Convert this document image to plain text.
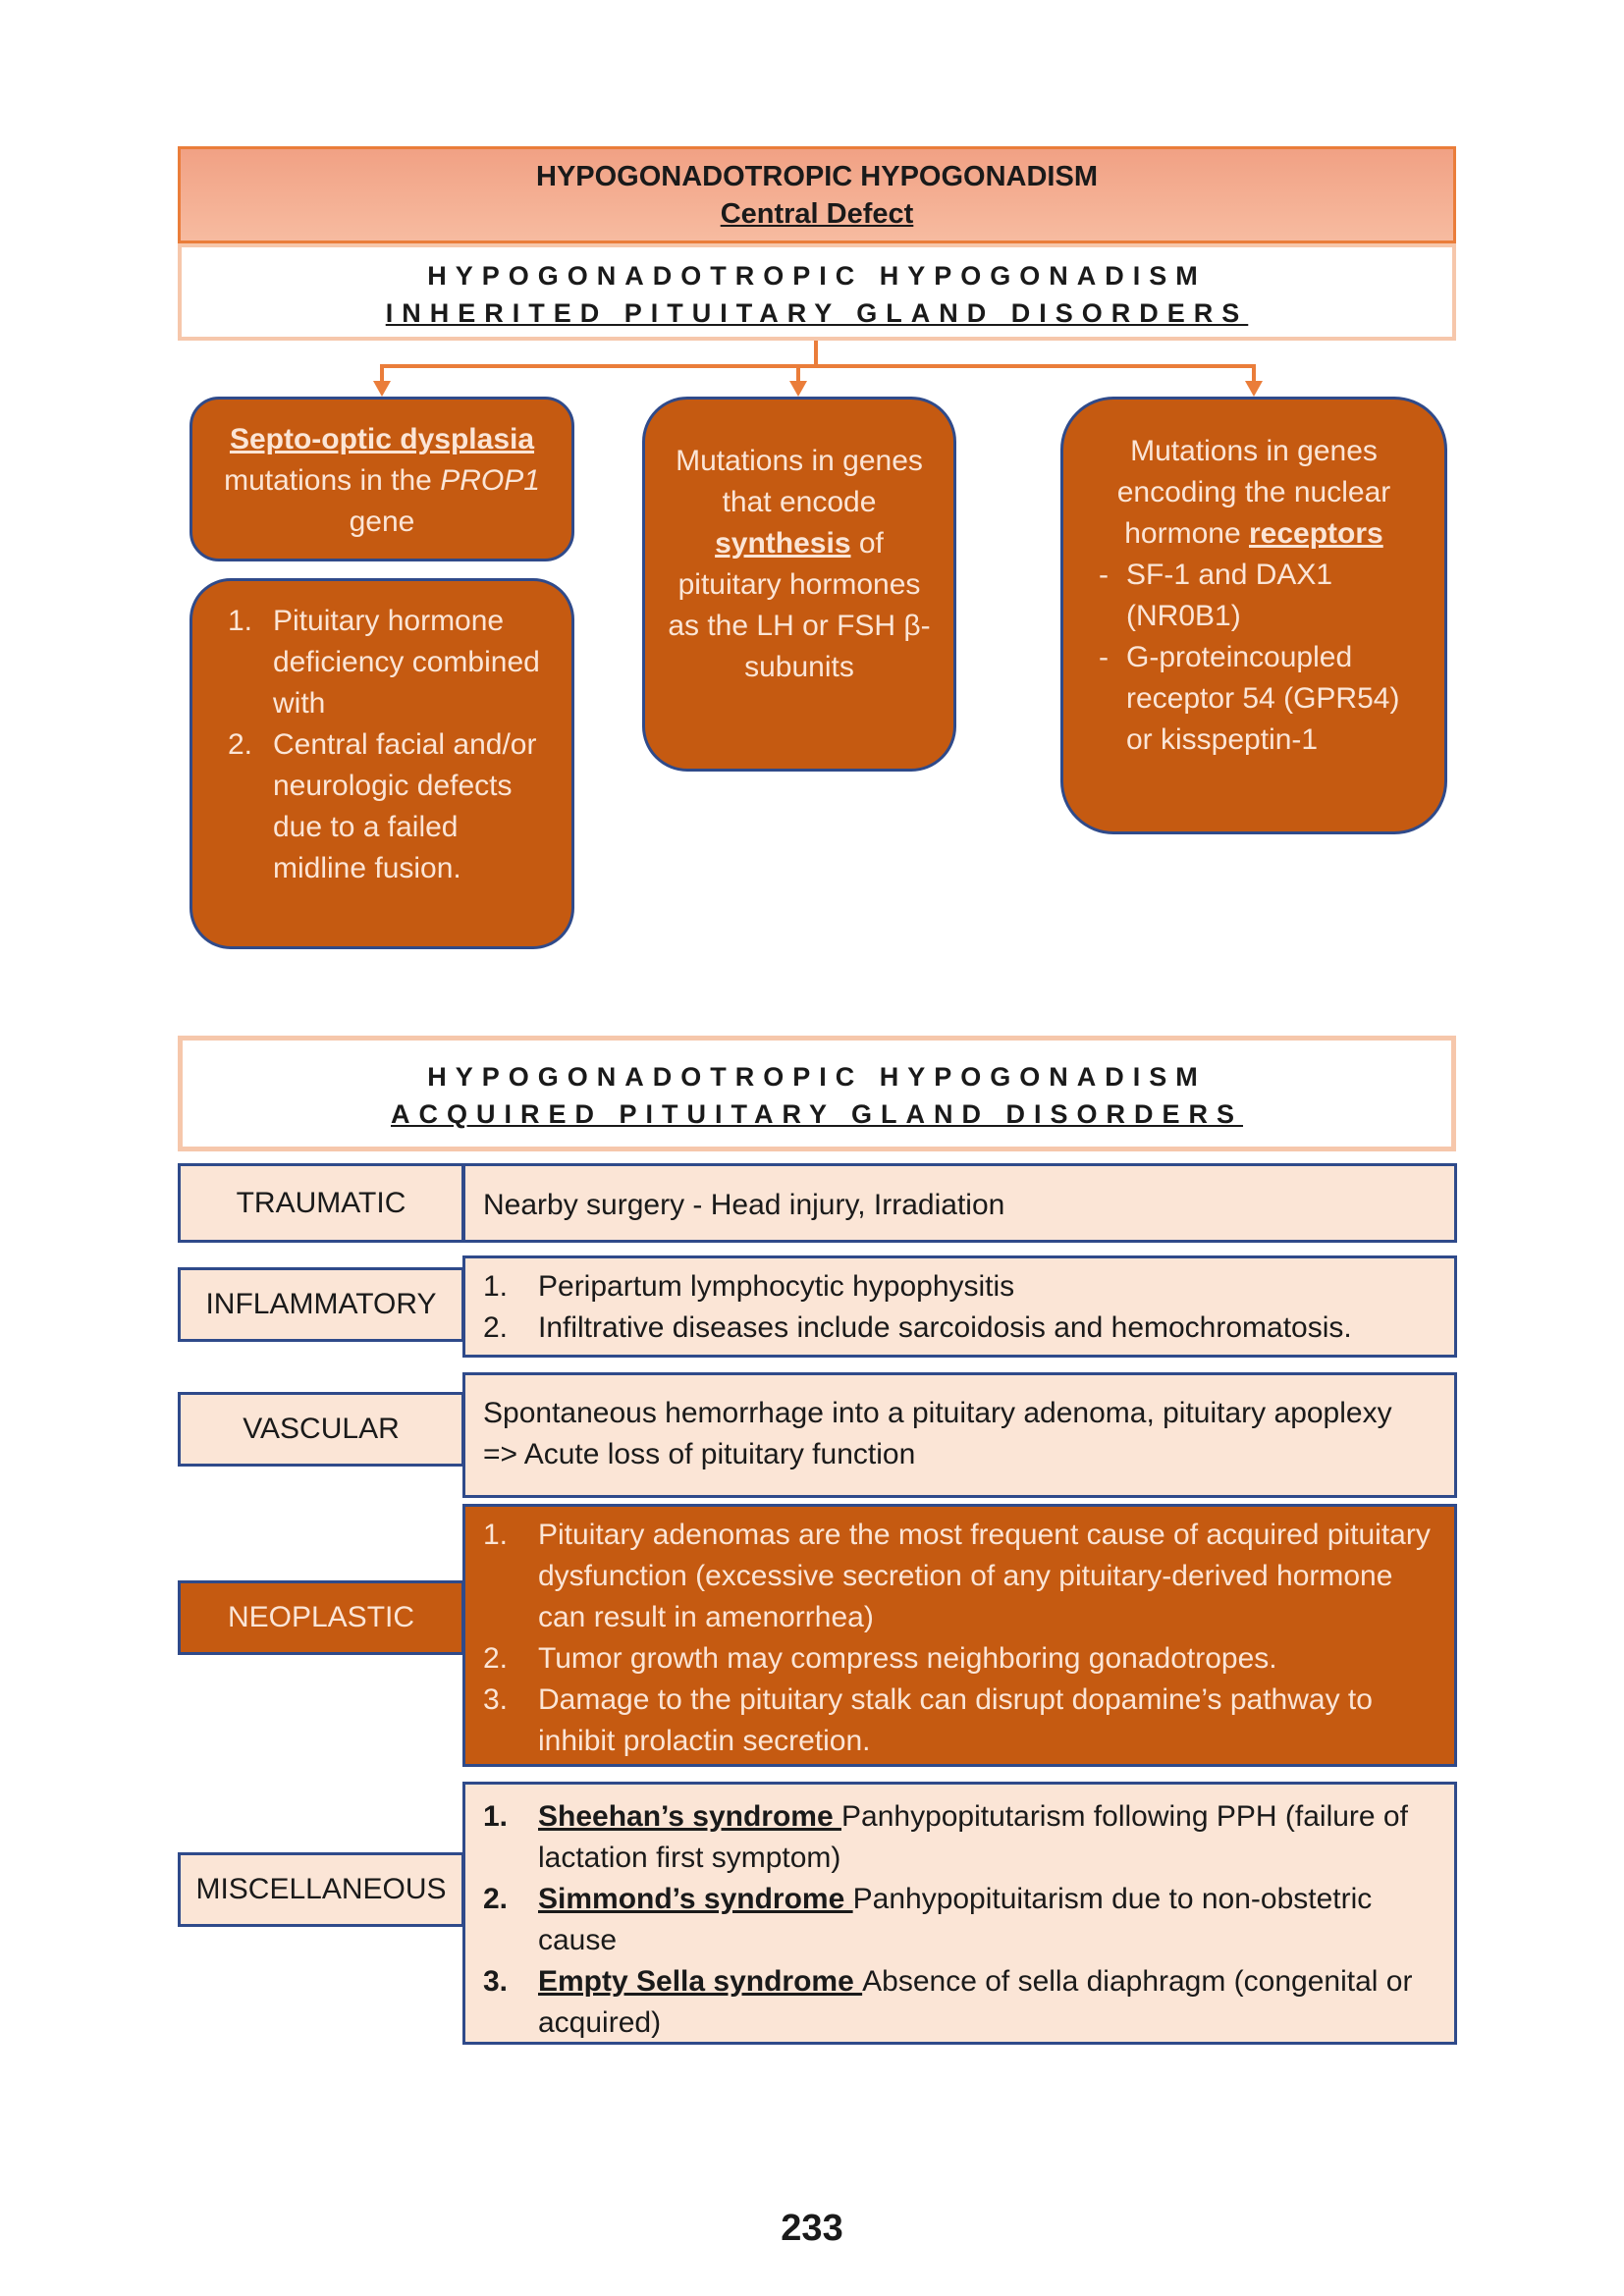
HYPOGONADOTROPIC HYPOGONADISM
Central Defect
HYPOGONADOTROPIC HYPOGONADISM
INHERITED PITUITARY GLAND DISORDERS
Septo-optic dysplasia
mutations in the PROP1 gene
1. Pituitary hormone deficiency combined with
2. Central facial and/or neurologic defects due to a failed midline fusion.
Mutations in genes that encode synthesis of pituitary hormones as the LH or FSH β-subunits
Mutations in genes encoding the nuclear hormone receptors
- SF-1 and DAX1 (NR0B1)
- G-proteincoupled receptor 54 (GPR54) or kisspeptin-1
HYPOGONADOTROPIC HYPOGONADISM
ACQUIRED PITUITARY GLAND DISORDERS
TRAUMATIC	Nearby surgery - Head injury, Irradiation
INFLAMMATORY
1. Peripartum lymphocytic hypophysitis
2. Infiltrative diseases include sarcoidosis and hemochromatosis.
VASCULAR	Spontaneous hemorrhage into a pituitary adenoma, pituitary apoplexy
=> Acute loss of pituitary function
NEOPLASTIC
1. Pituitary adenomas are the most frequent cause of acquired pituitary dysfunction (excessive secretion of any pituitary-derived hormone can result in amenorrhea)
2. Tumor growth may compress neighboring gonadotropes.
3. Damage to the pituitary stalk can disrupt dopamine’s pathway to inhibit prolactin secretion.
MISCELLANEOUS
1. Sheehan’s syndrome Panhypopitutarism following PPH (failure of lactation first symptom)
2. Simmond’s syndrome Panhypopituitarism due to non-obstetric cause
3. Empty Sella syndrome Absence of sella diaphragm (congenital or acquired)
233
